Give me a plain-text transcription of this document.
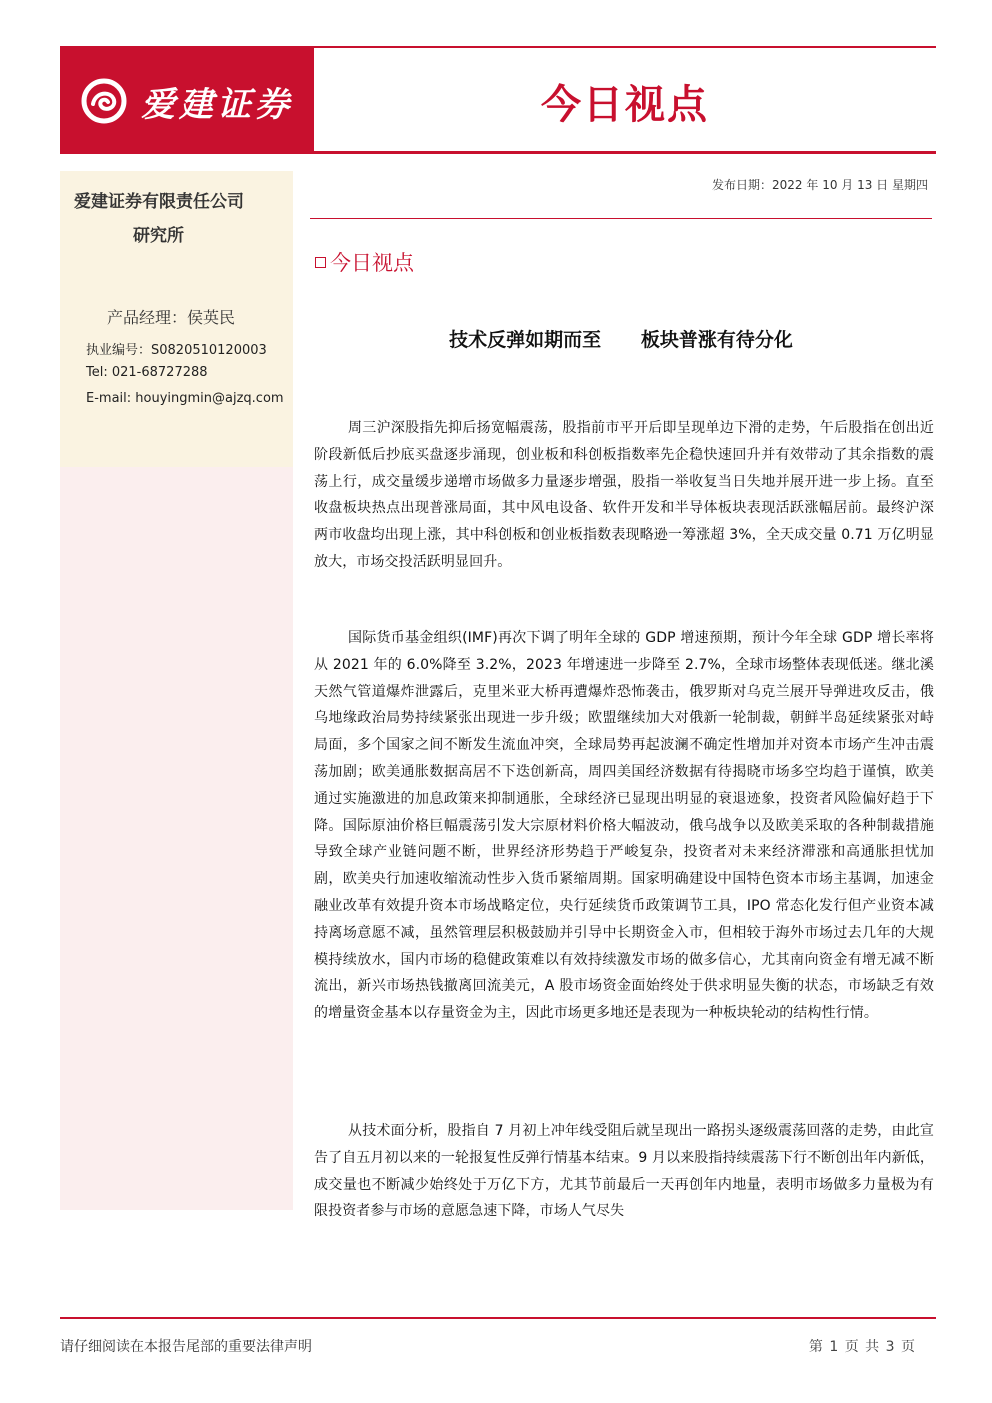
爱建证券	今日视点
爱建证券有限责任公司
研究所
产品经理：侯英民
执业编号：S0820510120003
Tel: 021-68727288
E-mail: houyingmin@ajzq.com
发布日期：2022 年 10 月 13 日 星期四
今日视点
技术反弹如期而至      板块普涨有待分化

周三沪深股指先抑后扬宽幅震荡，股指前市平开后即呈现单边下滑的走势，午后股指在创出近阶段新低后抄底买盘逐步涌现，创业板和科创板指数率先企稳快速回升并有效带动了其余指数的震荡上行，成交量缓步递增市场做多力量逐步增强，股指一举收复当日失地并展开进一步上扬。直至收盘板块热点出现普涨局面，其中风电设备、软件开发和半导体板块表现活跃涨幅居前。最终沪深两市收盘均出现上涨，其中科创板和创业板指数表现略逊一筹涨超 3%，全天成交量 0.71 万亿明显放大，市场交投活跃明显回升。

国际货币基金组织(IMF)再次下调了明年全球的 GDP 增速预期，预计今年全球 GDP 增长率将从 2021 年的 6.0%降至 3.2%，2023 年增速进一步降至 2.7%，全球市场整体表现低迷。继北溪天然气管道爆炸泄露后，克里米亚大桥再遭爆炸恐怖袭击，俄罗斯对乌克兰展开导弹进攻反击，俄乌地缘政治局势持续紧张出现进一步升级；欧盟继续加大对俄新一轮制裁，朝鲜半岛延续紧张对峙局面，多个国家之间不断发生流血冲突，全球局势再起波澜不确定性增加并对资本市场产生冲击震荡加剧；欧美通胀数据高居不下迭创新高，周四美国经济数据有待揭晓市场多空均趋于谨慎，欧美通过实施激进的加息政策来抑制通胀，全球经济已显现出明显的衰退迹象，投资者风险偏好趋于下降。国际原油价格巨幅震荡引发大宗原材料价格大幅波动，俄乌战争以及欧美采取的各种制裁措施导致全球产业链问题不断，世界经济形势趋于严峻复杂，投资者对未来经济滞涨和高通胀担忧加剧，欧美央行加速收缩流动性步入货币紧缩周期。国家明确建设中国特色资本市场主基调，加速金融业改革有效提升资本市场战略定位，央行延续货币政策调节工具，IPO 常态化发行但产业资本减持离场意愿不减，虽然管理层积极鼓励并引导中长期资金入市，但相较于海外市场过去几年的大规模持续放水，国内市场的稳健政策难以有效持续激发市场的做多信心，尤其南向资金有增无减不断流出，新兴市场热钱撤离回流美元，A 股市场资金面始终处于供求明显失衡的状态，市场缺乏有效的增量资金基本以存量资金为主，因此市场更多地还是表现为一种板块轮动的结构性行情。

从技术面分析，股指自 7 月初上冲年线受阻后就呈现出一路拐头逐级震荡回落的走势，由此宣告了自五月初以来的一轮报复性反弹行情基本结束。9 月以来股指持续震荡下行不断创出年内新低，成交量也不断减少始终处于万亿下方，尤其节前最后一天再创年内地量，表明市场做多力量极为有限投资者参与市场的意愿急速下降，市场人气尽失

请仔细阅读在本报告尾部的重要法律声明	第 1 页 共 3 页
